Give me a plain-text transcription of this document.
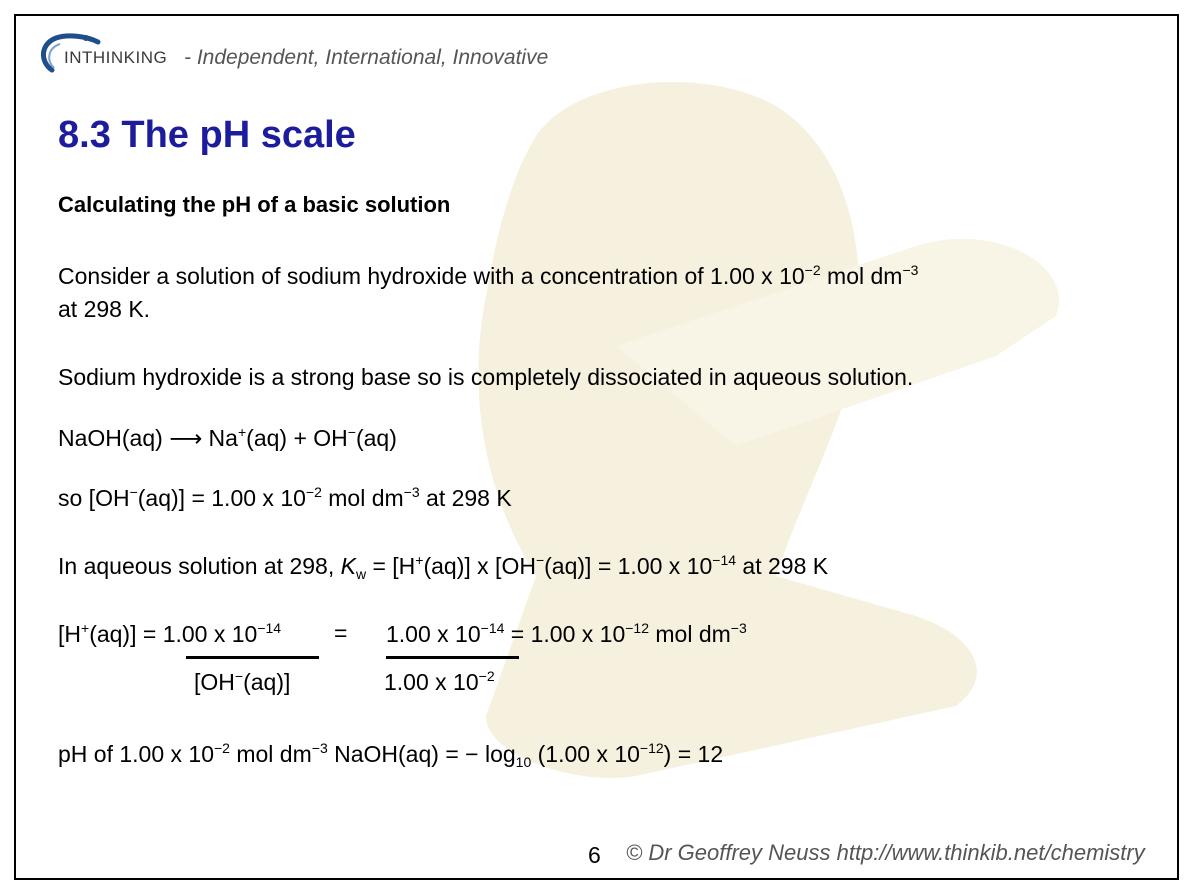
INTHINKING - Independent, International, Innovative
8.3 The pH scale
Calculating the pH of a basic solution
Consider a solution of sodium hydroxide with a concentration of 1.00 x $10^{-2}$ mol $dm^{-3}$
at 298 K.
Sodium hydroxide is a strong base so is completely dissociated in aqueous solution.
NaOH(aq) ⟶ Na+(aq) + OH−(aq)
so [OH−(aq)] = 1.00 x $10^{-2}$ mol $dm^{-3}$ at 298 K
In aqueous solution at 298, $K_w = [H^+(aq)]$ x [OH−(aq)] = 1.00 x $10^{-14}$ at 298 K
[H+(aq)] = 1.00 x $10^{-14} = 1.00$ x $10^{-14} = 1.00$ x $10^{-12}$ mol $dm^{-3}$
[OH−(aq)]	1.00 x $10^{-2}$
pH of 1.00 x $10^{-2}$ mol $dm^{-3}$ NaOH(aq) = − $\log_{10} (1.00$ x $10^{-12}) = 12$
6 © Dr Geoffrey Neuss http://www.thinkib.net/chemistry
